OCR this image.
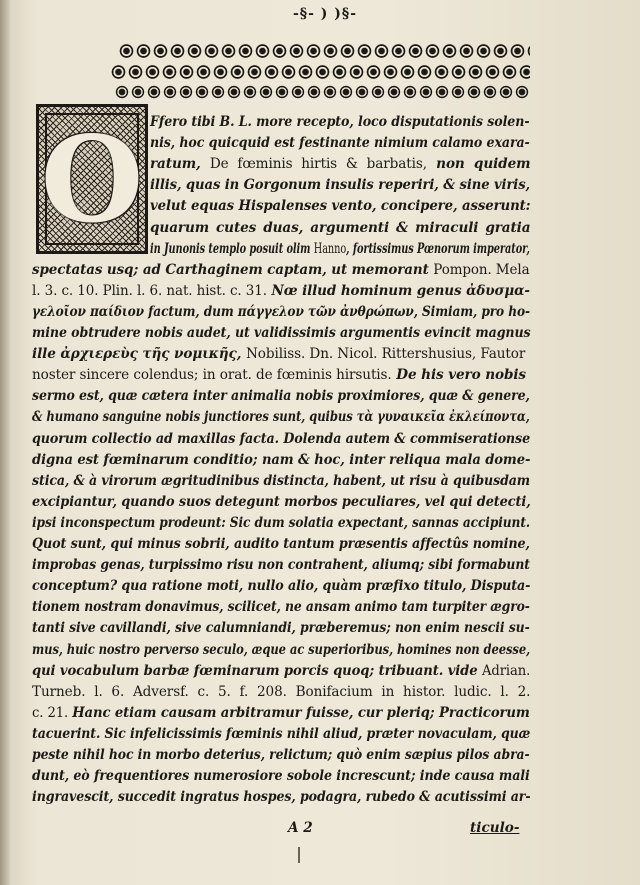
-§- ) )§-
O Ffero tibi B. L. more recepto, loco disputationis solen-
nis, hoc quicquid est festinante nimium calamo exara-
ratum, De fœminis hirtis & barbatis, non quidem
illis, quas in Gorgonum insulis reperiri, & sine viris,
velut equas Hispalenses vento, concipere, asserunt:
quarum cutes duas, argumenti & miraculi gratia
in Junonis templo posuit olim Hanno, fortissimus Pœnorum imperator,
spectatas usq; ad Carthaginem captam, ut memorant Pompon. Mela
l. 3. c. 10. Plin. l. 6. nat. hist. c. 31. Nœ illud hominum genus ἀδυσμα-
γελοῖον παίδιον factum, dum πάγγελον τῶν ἀνθρώπων, Simiam, pro ho-
mine obtrudere nobis audet, ut validissimis argumentis evincit magnus
ille ἀρχιερεὺς τῆς νομικῆς, Nobiliss. Dn. Nicol. Rittershusius, Fautor
noster sincere colendus; in orat. de fœminis hirsutis. De his vero nobis
sermo est, quæ cætera inter animalia nobis proximiores, quæ & genere,
& humano sanguine nobis junctiores sunt, quibus τὰ γυναικεῖα ἐκλείποντα,
quorum collectio ad maxillas facta. Dolenda autem & commiserationse
digna est fœminarum conditio; nam & hoc, inter reliqua mala dome-
stica, & à virorum ægritudinibus distincta, habent, ut risu à quibusdam
excipiantur, quando suos detegunt morbos peculiares, vel qui detecti,
ipsi inconspectum prodeunt: Sic dum solatia expectant, sannas accipiunt.
Quot sunt, qui minus sobrii, audito tantum præsentis affectûs nomine,
improbas genas, turpissimo risu non contrahent, aliumq; sibi formabunt
conceptum? qua ratione moti, nullo alio, quàm præfixo titulo, Disputa-
tionem nostram donavimus, scilicet, ne ansam animo tam turpiter ægro-
tanti sive cavillandi, sive calumniandi, præberemus; non enim nescii su-
mus, huic nostro perverso seculo, æque ac superioribus, homines non deesse,
qui vocabulum barbæ fœminarum porcis quoq; tribuant. vide Adrian.
Turneb. l. 6. Adversf. c. 5. f. 208. Bonifacium in histor. ludic. l. 2.
c. 21. Hanc etiam causam arbitramur fuisse, cur pleriq; Practicorum
tacuerint. Sic infelicissimis fœminis nihil aliud, præter novaculam, quæ
peste nihil hoc in morbo deterius, relictum; quò enim sæpius pilos abra-
dunt, eò frequentiores numerosiore sobole increscunt; inde causa mali
ingravescit, succedit ingratus hospes, podagra, rubedo & acutissimi ar-
A 2	ticulo-
